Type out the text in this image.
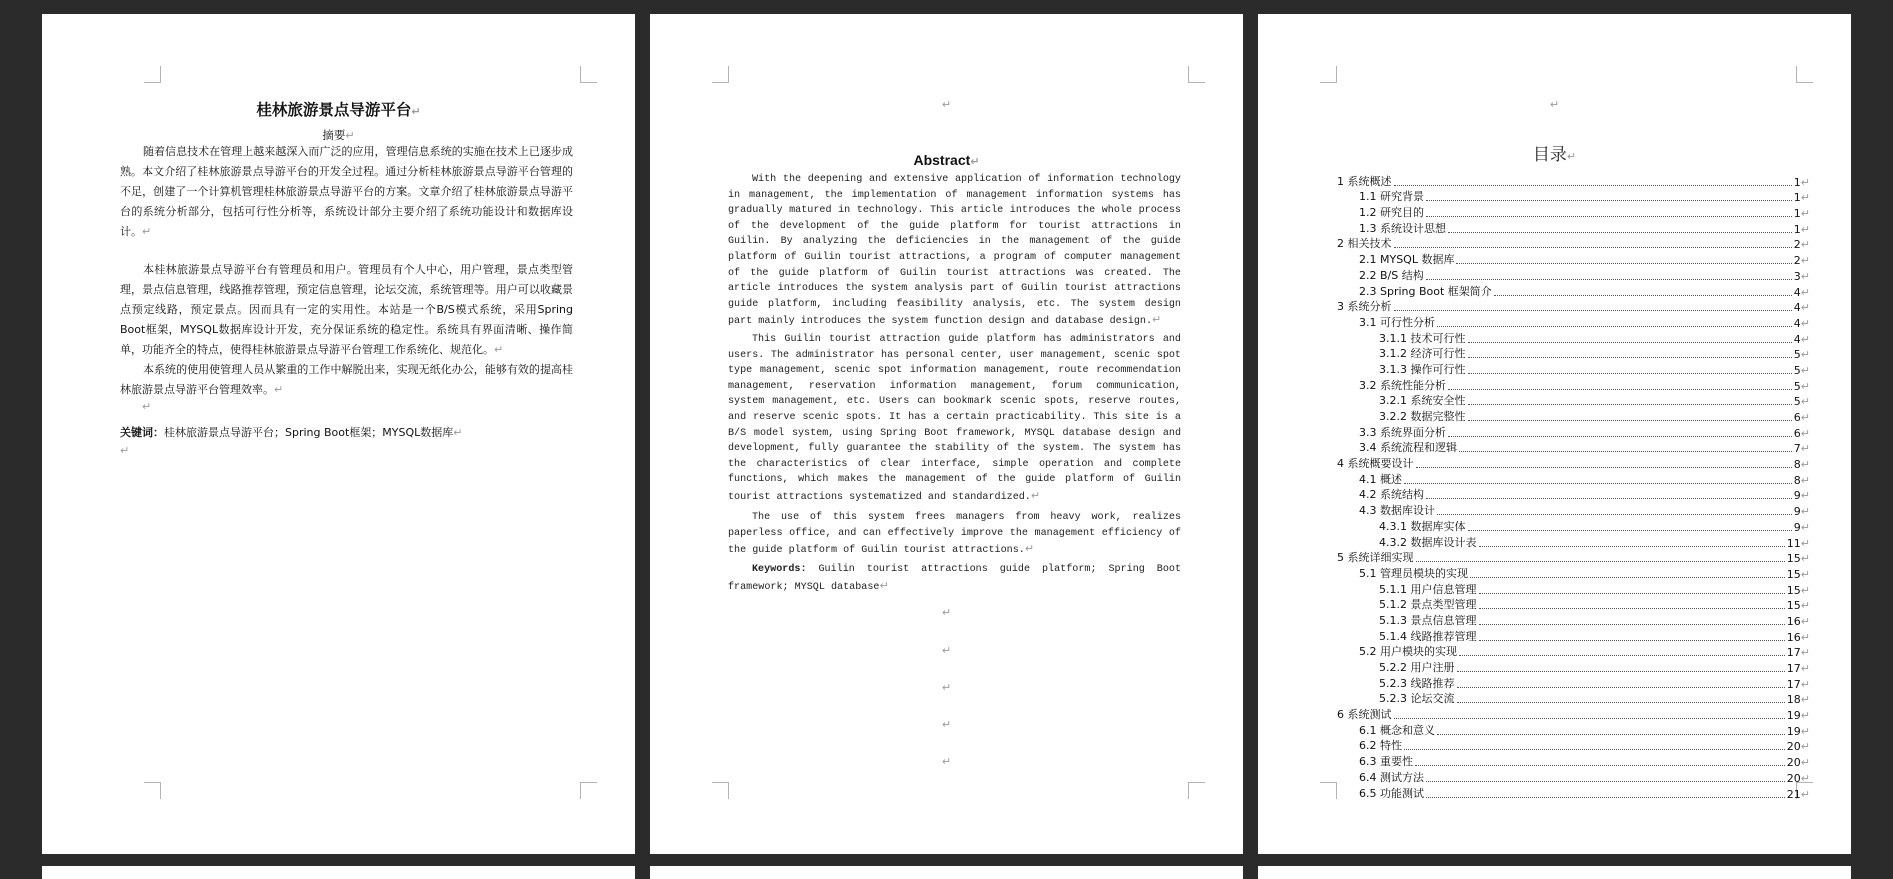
桂林旅游景点导游平台 ↵
摘要 ↵
随着信息技术在管理上越来越深入而广泛的应用，管理信息系统的实施在技术上已逐步成熟。本文介绍了桂林旅游景点导游平台的开发全过程。通过分析桂林旅游景点导游平台管理的不足，创建了一个计算机管理桂林旅游景点导游平台的方案。文章介绍了桂林旅游景点导游平台的系统分析部分，包括可行性分析等，系统设计部分主要介绍了系统功能设计和数据库设计。 ↵
本桂林旅游景点导游平台有管理员和用户。管理员有个人中心，用户管理，景点类型管理，景点信息管理，线路推荐管理，预定信息管理，论坛交流，系统管理等。用户可以收藏景点预定线路，预定景点。因而具有一定的实用性。本站是一个B/S模式系统，采用Spring Boot框架，MYSQL数据库设计开发，充分保证系统的稳定性。系统具有界面清晰、操作简单，功能齐全的特点，使得桂林旅游景点导游平台管理工作系统化、规范化。 ↵
本系统的使用使管理人员从繁重的工作中解脱出来，实现无纸化办公，能够有效的提高桂林旅游景点导游平台管理效率。 ↵
↵
关键词：桂林旅游景点导游平台；Spring Boot框架；MYSQL数据库 ↵
↵
↵
Abstract ↵
With the deepening and extensive application of information technology in management, the implementation of management information systems has gradually matured in technology. This article introduces the whole process of the development of the guide platform for tourist attractions in Guilin. By analyzing the deficiencies in the management of the guide platform of Guilin tourist attractions, a program of computer management of the guide platform of Guilin tourist attractions was created. The article introduces the system analysis part of Guilin tourist attractions guide platform, including feasibility analysis, etc. The system design part mainly introduces the system function design and database design. ↵
This Guilin tourist attraction guide platform has administrators and users. The administrator has personal center, user management, scenic spot type management, scenic spot information management, route recommendation management, reservation information management, forum communication, system management, etc. Users can bookmark scenic spots, reserve routes, and reserve scenic spots. It has a certain practicability. This site is a B/S model system, using Spring Boot framework, MYSQL database design and development, fully guarantee the stability of the system. The system has the characteristics of clear interface, simple operation and complete functions, which makes the management of the guide platform of Guilin tourist attractions systematized and standardized. ↵
The use of this system frees managers from heavy work, realizes paperless office, and can effectively improve the management efficiency of the guide platform of Guilin tourist attractions. ↵
Keywords: Guilin tourist attractions guide platform; Spring Boot framework; MYSQL database ↵
↵
↵
↵
↵
↵
↵
目录 ↵
1 系统概述	1
↵
1.1 研究背景	1
↵
1.2 研究目的	1
↵
1.3 系统设计思想	1
↵
2 相关技术	2
↵
2.1 MYSQL 数据库	2
↵
2.2 B/S 结构	3
↵
2.3 Spring Boot 框架简介	4
↵
3 系统分析	4
↵
3.1 可行性分析	4
↵
3.1.1 技术可行性	4
↵
3.1.2 经济可行性	5
↵
3.1.3 操作可行性	5
↵
3.2 系统性能分析	5
↵
3.2.1 系统安全性	5
↵
3.2.2 数据完整性	6
↵
3.3 系统界面分析	6
↵
3.4 系统流程和逻辑	7
↵
4 系统概要设计	8
↵
4.1 概述	8
↵
4.2 系统结构	9
↵
4.3 数据库设计	9
↵
4.3.1 数据库实体	9
↵
4.3.2 数据库设计表	11
↵
5 系统详细实现	15
↵
5.1 管理员模块的实现	15
↵
5.1.1 用户信息管理	15
↵
5.1.2 景点类型管理	15
↵
5.1.3 景点信息管理	16
↵
5.1.4 线路推荐管理	16
↵
5.2 用户模块的实现	17
↵
5.2.2 用户注册	17
↵
5.2.3 线路推荐	17
↵
5.2.3 论坛交流	18
↵
6 系统测试	19
↵
6.1 概念和意义	19
↵
6.2 特性	20
↵
6.3 重要性	20
↵
6.4 测试方法	20
↵
6.5 功能测试	21
↵
